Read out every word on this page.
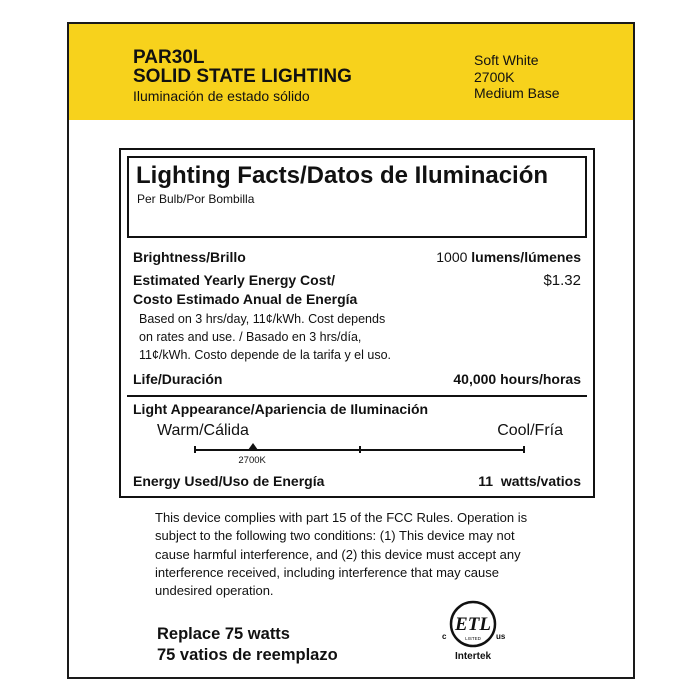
PAR30L
SOLID STATE LIGHTING
Iluminación de estado sólido
Soft White
2700K
Medium Base
Lighting Facts/Datos de Iluminación
Per Bulb/Por Bombilla
Brightness/Brillo	1000 lumens/lúmenes
Estimated Yearly Energy Cost/
Costo Estimado Anual de Energía
$1.32
Based on 3 hrs/day, 11¢/kWh. Cost depends
on rates and use. / Basado en 3 hrs/día,
11¢/kWh. Costo depende de la tarifa y el uso.
Life/Duración	40,000 hours/horas
Light Appearance/Apariencia de Iluminación
Warm/Cálida	Cool/Fría
2700K
Energy Used/Uso de Energía	11 watts/vatios
This device complies with part 15 of the FCC Rules. Operation is
subject to the following two conditions: (1) This device may not
cause harmful interference, and (2) this device must accept any
interference received, including interference that may cause
undesired operation.
Replace 75 watts
75 vatios de reemplazo
ETL
LISTED
c	us
Intertek
